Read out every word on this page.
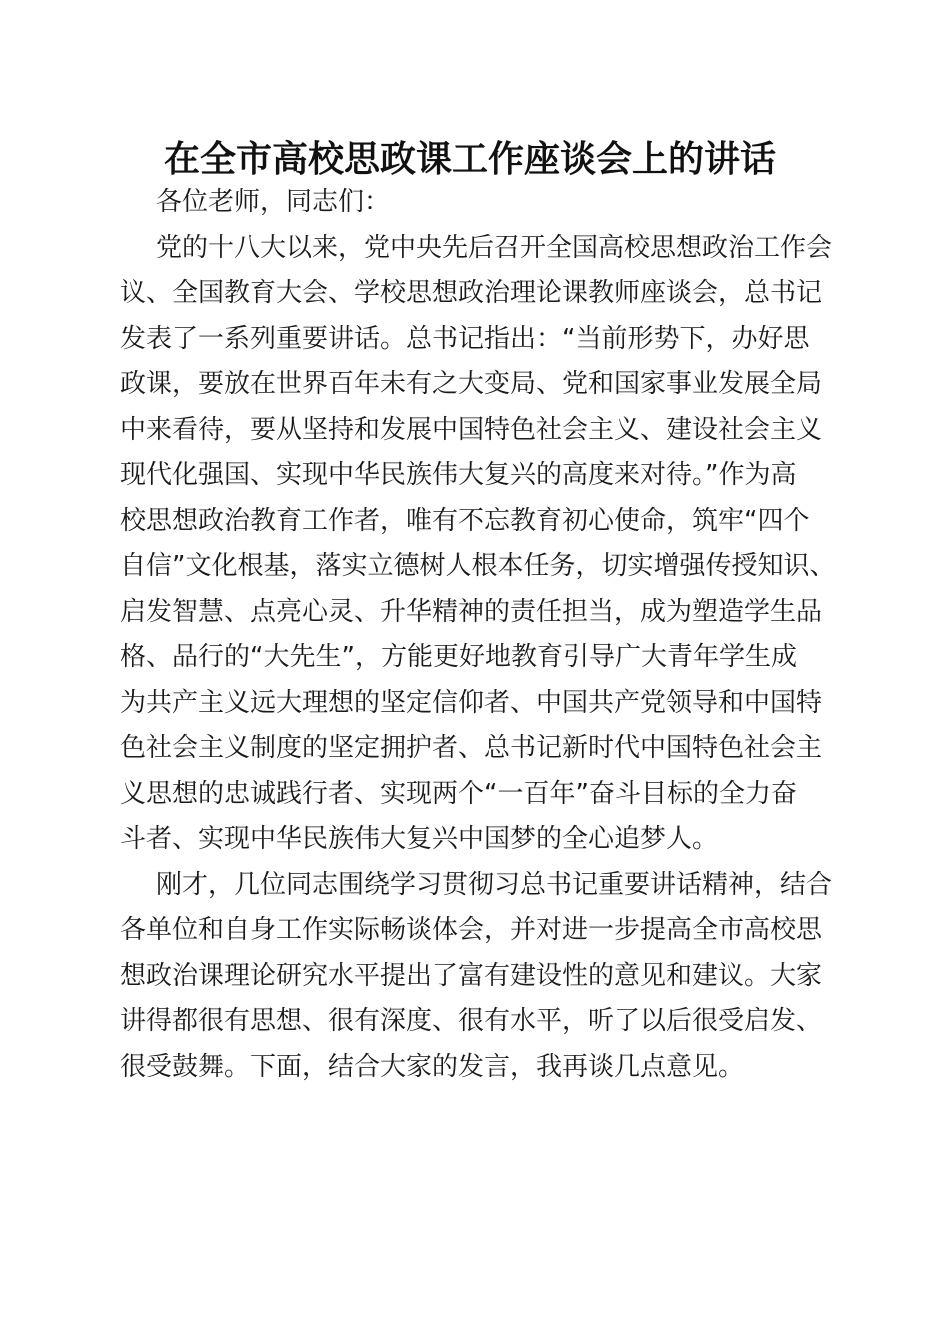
在全市高校思政课工作座谈会上的讲话
各位老师，同志们：
党的十八大以来，党中央先后召开全国高校思想政治工作会
议、全国教育大会、学校思想政治理论课教师座谈会，总书记
发表了一系列重要讲话。总书记指出：“当前形势下，办好思
政课，要放在世界百年未有之大变局、党和国家事业发展全局
中来看待，要从坚持和发展中国特色社会主义、建设社会主义
现代化强国、实现中华民族伟大复兴的高度来对待。”作为高
校思想政治教育工作者，唯有不忘教育初心使命，筑牢“四个
自信”文化根基，落实立德树人根本任务，切实增强传授知识、
启发智慧、点亮心灵、升华精神的责任担当，成为塑造学生品
格、品行的“大先生”，方能更好地教育引导广大青年学生成
为共产主义远大理想的坚定信仰者、中国共产党领导和中国特
色社会主义制度的坚定拥护者、总书记新时代中国特色社会主
义思想的忠诚践行者、实现两个“一百年”奋斗目标的全力奋
斗者、实现中华民族伟大复兴中国梦的全心追梦人。
刚才，几位同志围绕学习贯彻习总书记重要讲话精神，结合
各单位和自身工作实际畅谈体会，并对进一步提高全市高校思
想政治课理论研究水平提出了富有建设性的意见和建议。大家
讲得都很有思想、很有深度、很有水平，听了以后很受启发、
很受鼓舞。下面，结合大家的发言，我再谈几点意见。
